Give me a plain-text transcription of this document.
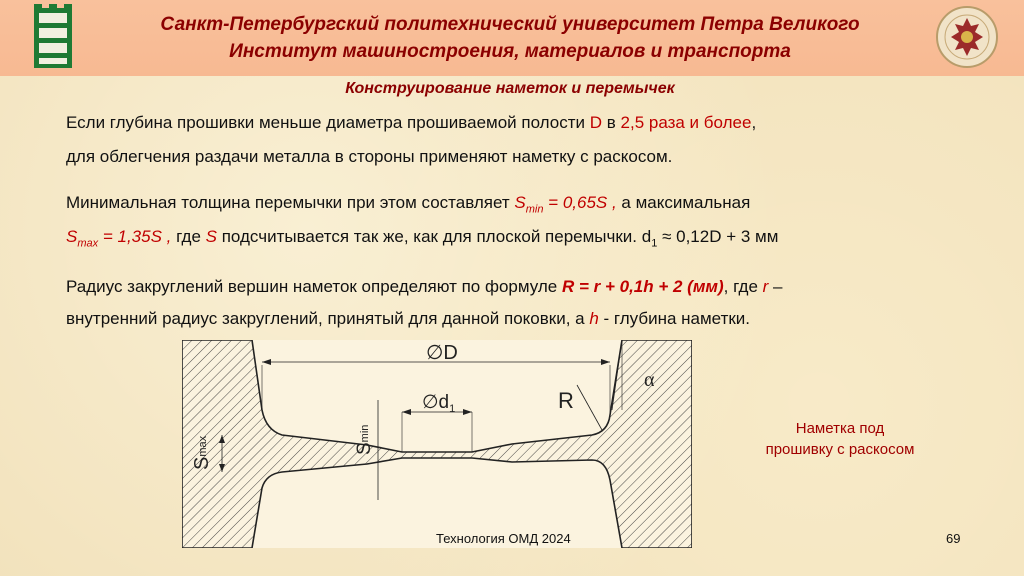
Санкт-Петербургский политехнический университет Петра Великого
Институт машиностроения, материалов и транспорта
Конструирование наметок и перемычек
Если глубина прошивки меньше диаметра прошиваемой полости D в 2,5 раза и более,
для облегчения раздачи металла в стороны применяют наметку с раскосом.
Минимальная толщина перемычки при этом составляет $S_{min} = 0,65S$ , а максимальная
$S_{max} = 1,35S$ , где S подсчитывается так же, как для плоской перемычки. $d_1 \approx 0,12D + 3$ мм
Радиус закруглений вершин наметок определяют по формуле R = r + 0,1h + 2 (мм), где r –
внутренний радиус закруглений, принятый для данной поковки, а h - глубина наметки.
∅D
α
R
$\emptyset d_1$
Smin
Smax
Наметка под
прошивку с раскосом
Технология ОМД 2024	69
